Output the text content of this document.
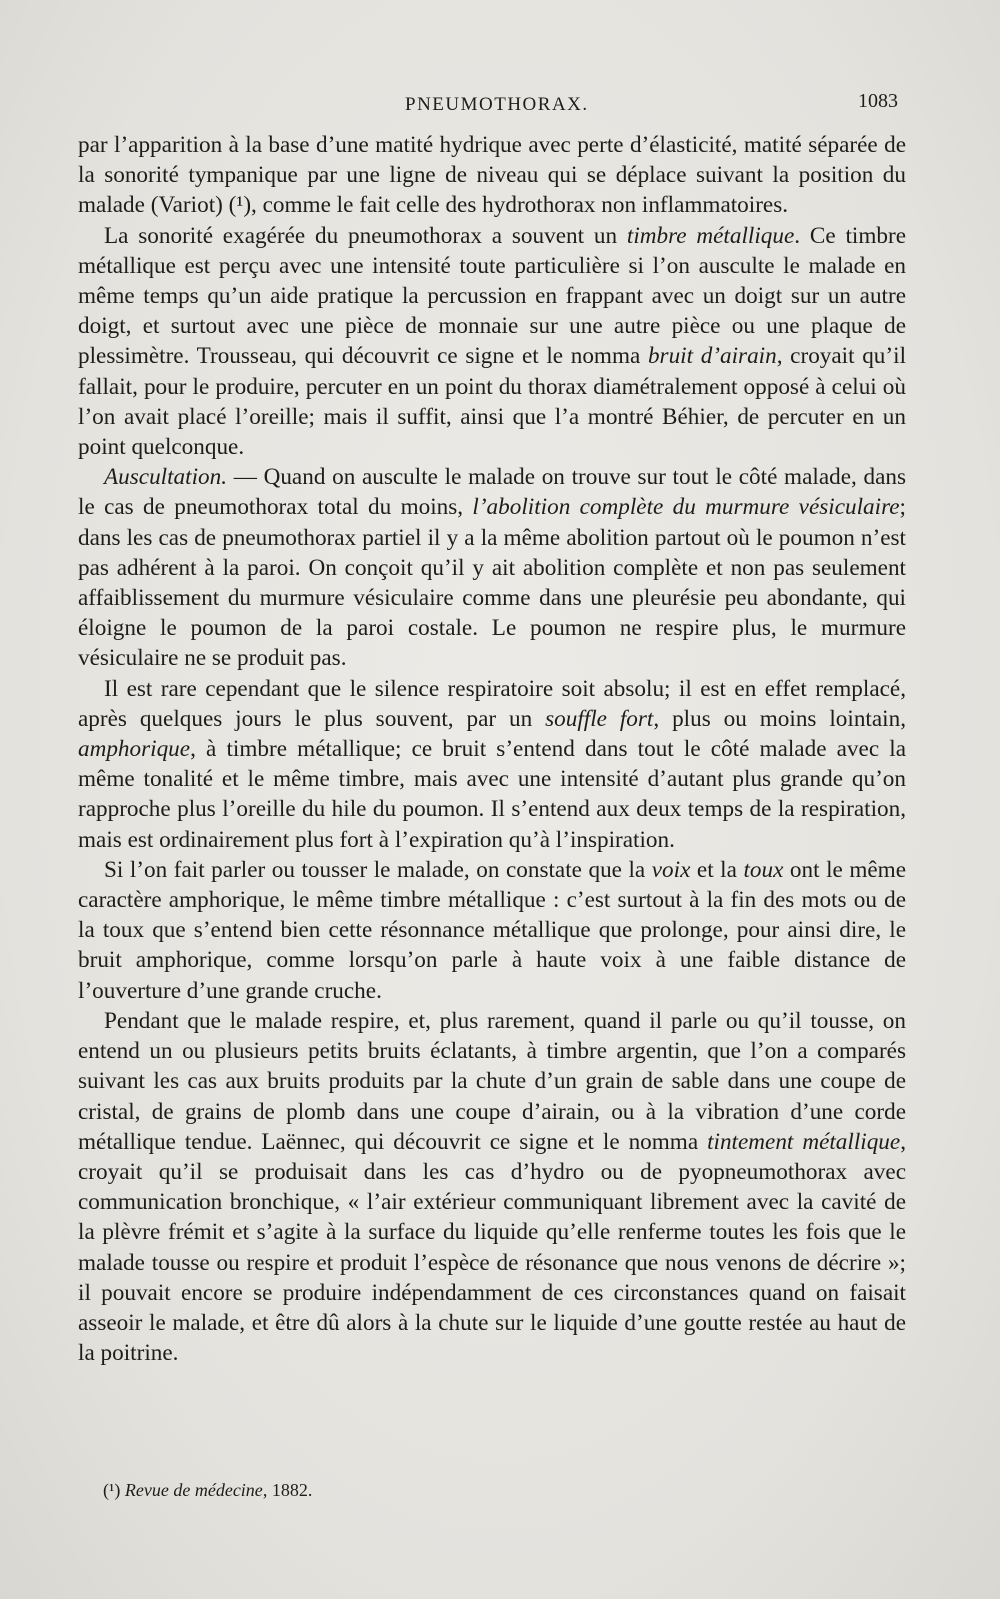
PNEUMOTHORAX.	1083

par l’apparition à la base d’une matité hydrique avec perte d’élasticité, matité séparée de la sonorité tympanique par une ligne de niveau qui se déplace suivant la position du malade (Variot) (¹), comme le fait celle des hydrothorax non inflammatoires.

La sonorité exagérée du pneumothorax a souvent un timbre métallique. Ce timbre métallique est perçu avec une intensité toute particulière si l’on ausculte le malade en même temps qu’un aide pratique la percussion en frappant avec un doigt sur un autre doigt, et surtout avec une pièce de monnaie sur une autre pièce ou une plaque de plessimètre. Trousseau, qui découvrit ce signe et le nomma bruit d’airain, croyait qu’il fallait, pour le produire, percuter en un point du thorax diamétralement opposé à celui où l’on avait placé l’oreille; mais il suffit, ainsi que l’a montré Béhier, de percuter en un point quelconque.

Auscultation. — Quand on ausculte le malade on trouve sur tout le côté malade, dans le cas de pneumothorax total du moins, l’abolition complète du murmure vésiculaire; dans les cas de pneumothorax partiel il y a la même abolition partout où le poumon n’est pas adhérent à la paroi. On conçoit qu’il y ait abolition complète et non pas seulement affaiblissement du murmure vésiculaire comme dans une pleurésie peu abondante, qui éloigne le poumon de la paroi costale. Le poumon ne respire plus, le murmure vésiculaire ne se produit pas.

Il est rare cependant que le silence respiratoire soit absolu; il est en effet remplacé, après quelques jours le plus souvent, par un souffle fort, plus ou moins lointain, amphorique, à timbre métallique; ce bruit s’entend dans tout le côté malade avec la même tonalité et le même timbre, mais avec une intensité d’autant plus grande qu’on rapproche plus l’oreille du hile du poumon. Il s’entend aux deux temps de la respiration, mais est ordinairement plus fort à l’expiration qu’à l’inspiration.

Si l’on fait parler ou tousser le malade, on constate que la voix et la toux ont le même caractère amphorique, le même timbre métallique : c’est surtout à la fin des mots ou de la toux que s’entend bien cette résonnance métallique que prolonge, pour ainsi dire, le bruit amphorique, comme lorsqu’on parle à haute voix à une faible distance de l’ouverture d’une grande cruche.

Pendant que le malade respire, et, plus rarement, quand il parle ou qu’il tousse, on entend un ou plusieurs petits bruits éclatants, à timbre argentin, que l’on a comparés suivant les cas aux bruits produits par la chute d’un grain de sable dans une coupe de cristal, de grains de plomb dans une coupe d’airain, ou à la vibration d’une corde métallique tendue. Laënnec, qui découvrit ce signe et le nomma tintement métallique, croyait qu’il se produisait dans les cas d’hydro ou de pyopneumothorax avec communication bronchique, « l’air extérieur communiquant librement avec la cavité de la plèvre frémit et s’agite à la surface du liquide qu’elle renferme toutes les fois que le malade tousse ou respire et produit l’espèce de résonance que nous venons de décrire »; il pouvait encore se produire indépendamment de ces circonstances quand on faisait asseoir le malade, et être dû alors à la chute sur le liquide d’une goutte restée au haut de la poitrine.

(¹) Revue de médecine, 1882.
